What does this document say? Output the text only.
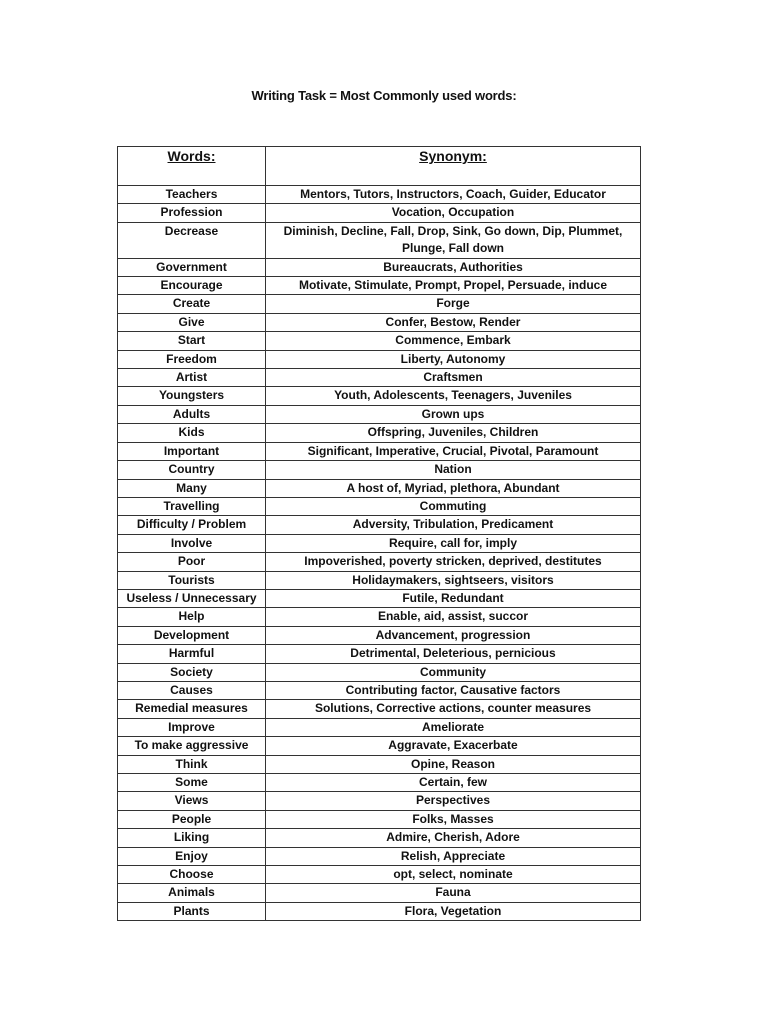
Writing Task = Most Commonly used words:
Words:	Synonym:
Teachers	Mentors, Tutors, Instructors, Coach, Guider, Educator
Profession	Vocation, Occupation
Decrease	Diminish, Decline, Fall, Drop, Sink, Go down, Dip, Plummet, Plunge, Fall down
Government	Bureaucrats, Authorities
Encourage	Motivate, Stimulate, Prompt, Propel, Persuade, induce
Create	Forge
Give	Confer, Bestow, Render
Start	Commence, Embark
Freedom	Liberty, Autonomy
Artist	Craftsmen
Youngsters	Youth, Adolescents, Teenagers, Juveniles
Adults	Grown ups
Kids	Offspring, Juveniles, Children
Important	Significant, Imperative, Crucial, Pivotal, Paramount
Country	Nation
Many	A host of, Myriad, plethora, Abundant
Travelling	Commuting
Difficulty / Problem	Adversity, Tribulation, Predicament
Involve	Require, call for, imply
Poor	Impoverished, poverty stricken, deprived, destitutes
Tourists	Holidaymakers, sightseers, visitors
Useless / Unnecessary	Futile, Redundant
Help	Enable, aid, assist, succor
Development	Advancement, progression
Harmful	Detrimental, Deleterious, pernicious
Society	Community
Causes	Contributing factor, Causative factors
Remedial measures	Solutions, Corrective actions, counter measures
Improve	Ameliorate
To make aggressive	Aggravate, Exacerbate
Think	Opine, Reason
Some	Certain, few
Views	Perspectives
People	Folks, Masses
Liking	Admire, Cherish, Adore
Enjoy	Relish, Appreciate
Choose	opt, select, nominate
Animals	Fauna
Plants	Flora, Vegetation
